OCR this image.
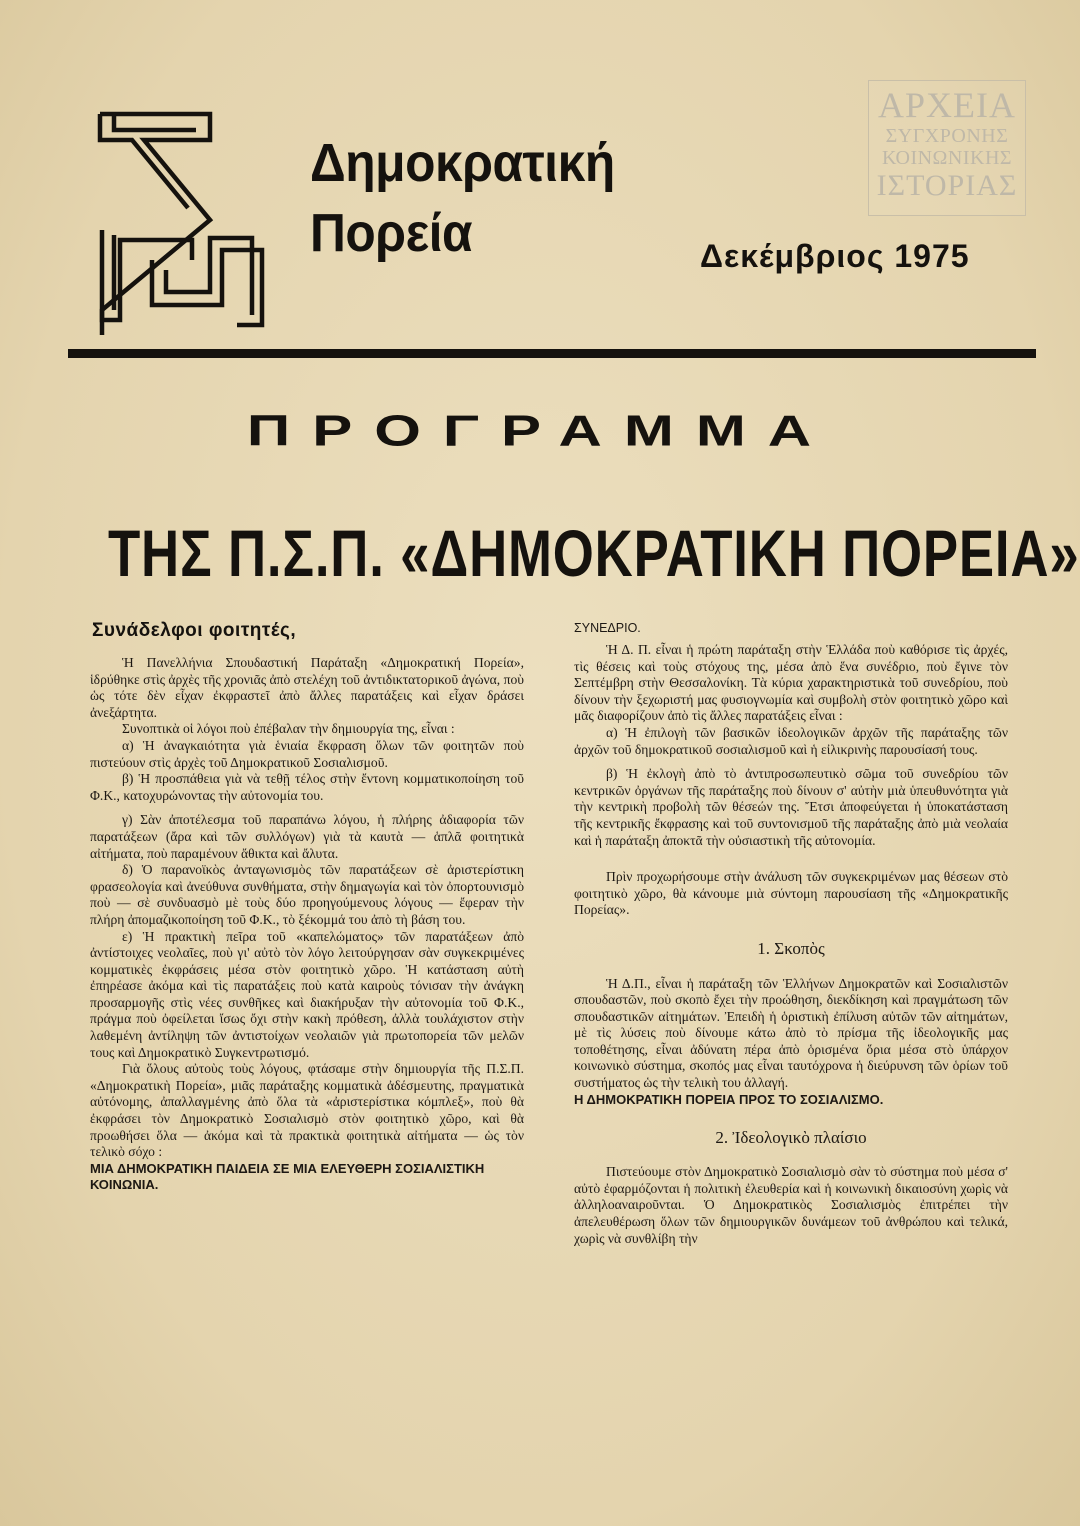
Δημοκρατική
Πορεία	Δεκέμβριος 1975
ΑΡΧΕΙΑ
ΣΥΓΧΡΟΝΗΣ
ΚΟΙΝΩΝΙΚΗΣ
ΙΣΤΟΡΙΑΣ
ΠΡΟΓΡΑΜΜΑ
ΤΗΣ Π.Σ.Π. «ΔΗΜΟΚΡΑΤΙΚΗ ΠΟΡΕΙΑ»
Συνάδελφοι φοιτητές,

Ἡ Πανελλήνια Σπουδαστική Παράταξη «Δημοκρατική Πορεία», ἱδρύθηκε στὶς ἀρχὲς τῆς χρονιᾶς ἀπὸ στελέχη τοῦ ἀντιδικτατορικοῦ ἀγώνα, ποὺ ὡς τότε δὲν εἶχαν ἐκφραστεῖ ἀπὸ ἄλλες παρατάξεις καὶ εἶχαν δράσει ἀνεξάρτητα.

Συνοπτικὰ οἱ λόγοι ποὺ ἐπέβαλαν τὴν δημιουργία της, εἶναι :

α) Ἡ ἀναγκαιότητα γιὰ ἑνιαία ἔκφραση ὅλων τῶν φοιτητῶν ποὺ πιστεύουν στὶς ἀρχὲς τοῦ Δημοκρατικοῦ Σοσιαλισμοῦ.

β) Ἡ προσπάθεια γιὰ νὰ τεθῇ τέλος στὴν ἔντονη κομματικοποίηση τοῦ Φ.Κ., κατοχυρώνοντας τὴν αὐτονομία του.

γ) Σὰν ἀποτέλεσμα τοῦ παραπάνω λόγου, ἡ πλήρης ἀδιαφορία τῶν παρατάξεων (ἄρα καὶ τῶν συλλόγων) γιὰ τὰ καυτὰ — ἁπλᾶ φοιτητικὰ αἰτήματα, ποὺ παραμένουν ἄθικτα καὶ ἄλυτα.

δ) Ὁ παρανοϊκὸς ἀνταγωνισμὸς τῶν παρατάξεων σὲ ἀριστερίστικη φρασεολογία καὶ ἀνεύθυνα συνθήματα, στὴν δημαγωγία καὶ τὸν ὀπορτουνισμὸ ποὺ — σὲ συνδυασμὸ μὲ τοὺς δύο προηγούμενους λόγους — ἔφεραν τὴν πλήρη ἀπομαζικοποίηση τοῦ Φ.Κ., τὸ ξέκομμά του ἀπὸ τὴ βάση του.

ε) Ἡ πρακτικὴ πεῖρα τοῦ «καπελώματος» τῶν παρατάξεων ἀπὸ ἀντίστοιχες νεολαῖες, ποὺ γι' αὐτὸ τὸν λόγο λειτούργησαν σὰν συγκεκριμένες κομματικὲς ἐκφράσεις μέσα στὸν φοιτητικὸ χῶρο. Ἡ κατάσταση αὐτὴ ἐπηρέασε ἀκόμα καὶ τὶς παρατάξεις ποὺ κατὰ καιροὺς τόνισαν τὴν ἀνάγκη προσαρμογῆς στὶς νέες συνθῆκες καὶ διακήρυξαν τὴν αὐτονομία τοῦ Φ.Κ., πράγμα ποὺ ὀφείλεται ἴσως ὄχι στὴν κακὴ πρόθεση, ἀλλὰ τουλάχιστον στὴν λαθεμένη ἀντίληψη τῶν ἀντιστοίχων νεολαιῶν γιὰ πρωτοπορεία τῶν μελῶν τους καὶ Δημοκρατικὸ Συγκεντρωτισμό.

Γιὰ ὅλους αὐτοὺς τοὺς λόγους, φτάσαμε στὴν δημιουργία τῆς Π.Σ.Π. «Δημοκρατικὴ Πορεία», μιᾶς παράταξης κομματικὰ ἀδέσμευτης, πραγματικὰ αὐτόνομης, ἀπαλλαγμένης ἀπὸ ὅλα τὰ «ἀριστερίστικα κόμπλεξ», ποὺ θὰ ἐκφράσει τὸν Δημοκρατικὸ Σοσιαλισμὸ στὸν φοιτητικὸ χῶρο, καὶ θὰ προωθήσει ὅλα — ἀκόμα καὶ τὰ πρακτικὰ φοιτητικὰ αἰτήματα — ὡς τὸν τελικὸ σόχο :

ΜΙΑ ΔΗΜΟΚΡΑΤΙΚΗ ΠΑΙΔΕΙΑ ΣΕ ΜΙΑ ΕΛΕΥΘΕΡΗ ΣΟΣΙΑΛΙΣΤΙΚΗ ΚΟΙΝΩΝΙΑ.

ΣΥΝΕΔΡΙΟ.

Ἡ Δ. Π. εἶναι ἡ πρώτη παράταξη στὴν Ἑλλάδα ποὺ καθόρισε τὶς ἀρχές, τὶς θέσεις καὶ τοὺς στόχους της, μέσα ἀπὸ ἕνα συνέδριο, ποὺ ἔγινε τὸν Σεπτέμβρη στὴν Θεσσαλονίκη. Τὰ κύρια χαρακτηριστικὰ τοῦ συνεδρίου, ποὺ δίνουν τὴν ξεχωριστή μας φυσιογνωμία καὶ συμβολὴ στὸν φοιτητικὸ χῶρο καὶ μᾶς διαφορίζουν ἀπὸ τὶς ἄλλες παρατάξεις εἶναι :

α) Ἡ ἐπιλογὴ τῶν βασικῶν ἰδεολογικῶν ἀρχῶν τῆς παράταξης τῶν ἀρχῶν τοῦ δημοκρατικοῦ σοσιαλισμοῦ καὶ ἡ εἰλικρινὴς παρουσίασή τους.

β) Ἡ ἐκλογὴ ἀπὸ τὸ ἀντιπροσωπευτικὸ σῶμα τοῦ συνεδρίου τῶν κεντρικῶν ὀργάνων τῆς παράταξης ποὺ δίνουν σ' αὐτὴν μιὰ ὑπευθυνότητα γιὰ τὴν κεντρικὴ προβολὴ τῶν θέσεών της. Ἔτσι ἀποφεύγεται ἡ ὑποκατάσταση τῆς κεντρικῆς ἔκφρασης καὶ τοῦ συντονισμοῦ τῆς παράταξης ἀπὸ μιὰ νεολαία καὶ ἡ παράταξη ἀποκτᾶ τὴν οὐσιαστικὴ τῆς αὐτονομία.

Πρὶν προχωρήσουμε στὴν ἀνάλυση τῶν συγκεκριμένων μας θέσεων στὸ φοιτητικὸ χῶρο, θὰ κάνουμε μιὰ σύντομη παρουσίαση τῆς «Δημοκρατικῆς Πορείας».

1. Σκοπὸς

Ἡ Δ.Π., εἶναι ἡ παράταξη τῶν Ἑλλήνων Δημοκρατῶν καὶ Σοσιαλιστῶν σπουδαστῶν, ποὺ σκοπὸ ἔχει τὴν προώθηση, διεκδίκηση καὶ πραγμάτωση τῶν σπουδαστικῶν αἰτημάτων. Ἐπειδὴ ἡ ὁριστικὴ ἐπίλυση αὐτῶν τῶν αἰτημάτων, μὲ τὶς λύσεις ποὺ δίνουμε κάτω ἀπὸ τὸ πρίσμα τῆς ἰδεολογικῆς μας τοποθέτησης, εἶναι ἀδύνατη πέρα ἀπὸ ὁρισμένα ὅρια μέσα στὸ ὑπάρχον κοινωνικὸ σύστημα, σκοπός μας εἶναι ταυτόχρονα ἡ διεύρυνση τῶν ὁρίων τοῦ συστήματος ὡς τὴν τελικὴ του ἀλλαγή.

Η ΔΗΜΟΚΡΑΤΙΚΗ ΠΟΡΕΙΑ ΠΡΟΣ ΤΟ ΣΟΣΙΑΛΙΣΜΟ.

2. Ἰδεολογικὸ πλαίσιο

Πιστεύουμε στὸν Δημοκρατικὸ Σοσιαλισμὸ σὰν τὸ σύστημα ποὺ μέσα σ' αὐτὸ ἐφαρμόζονται ἡ πολιτικὴ ἐλευθερία καὶ ἡ κοινωνικὴ δικαιοσύνη χωρὶς νὰ ἀλληλοαναιροῦνται. Ὁ Δημοκρατικὸς Σοσιαλισμὸς ἐπιτρέπει τὴν ἀπελευθέρωση ὅλων τῶν δημιουργικῶν δυνάμεων τοῦ ἀνθρώπου καὶ τελικά, χωρὶς νὰ συνθλίβη τὴν
